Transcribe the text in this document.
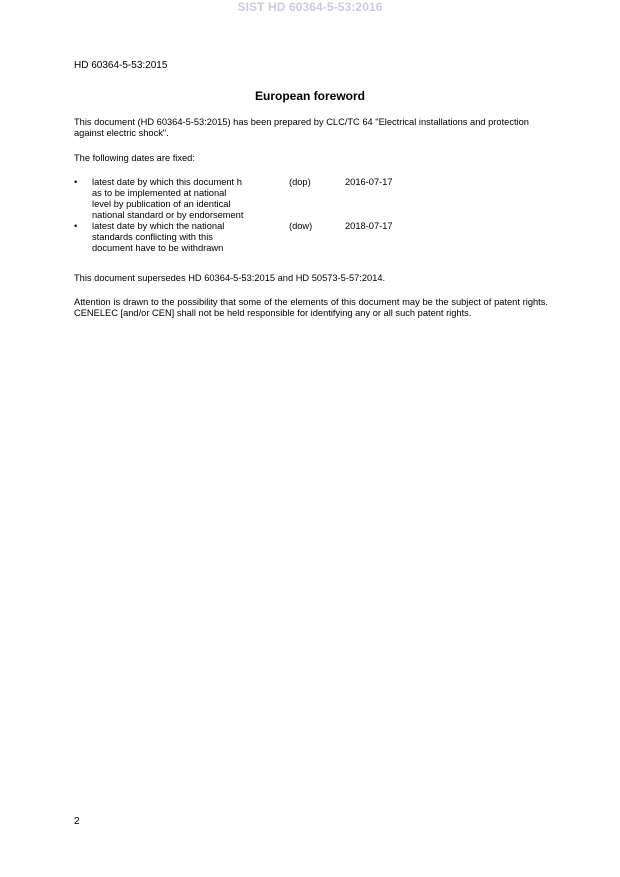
SIST HD 60364-5-53:2016
HD 60364-5-53:2015
European foreword
This document (HD 60364-5-53:2015) has been prepared by CLC/TC 64 "Electrical installations and protection against electric shock".
The following dates are fixed:
• latest date by which this document h
as to be implemented at national
level by publication of an identical
national standard or by endorsement
(dop)	2016-07-17
• latest date by which the national
standards conflicting with this
document have to be withdrawn
(dow)	2018-07-17
This document supersedes HD 60364-5-53:2015 and HD 50573-5-57:2014.
Attention is drawn to the possibility that some of the elements of this document may be the subject of patent rights. CENELEC [and/or CEN] shall not be held responsible for identifying any or all such patent rights.
2
